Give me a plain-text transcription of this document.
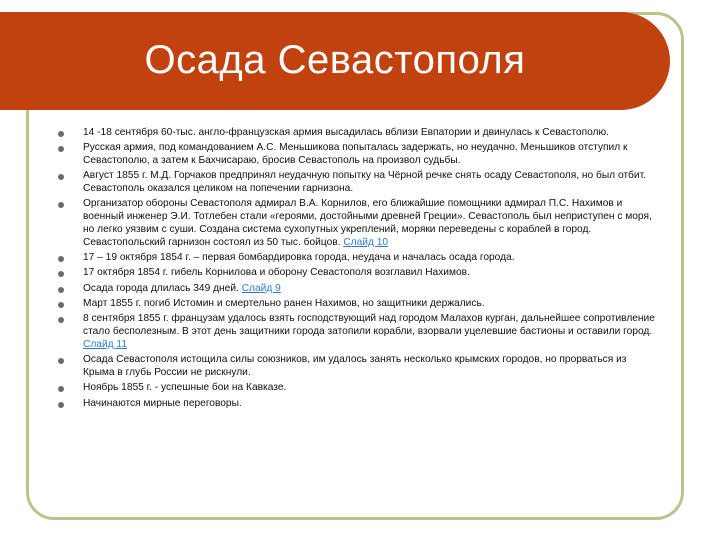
Осада Севастополя
14 -18 сентября 60-тыс. англо-французская армия высадилась вблизи Евпатории и двинулась к Севастополю.
Русская армия, под командованием А.С. Меньшикова попыталась задержать, но неудачно. Меньшиков отступил к Севастополю, а затем к Бахчисараю, бросив Севастополь на произвол судьбы.
Август 1855 г. М.Д. Горчаков предпринял неудачную попытку на Чёрной речке снять осаду Севастополя, но был отбит. Севастополь оказался целиком на попечении гарнизона.
Организатор обороны Севастополя адмирал В.А. Корнилов, его ближайшие помощники адмирал П.С. Нахимов и военный инженер Э.И. Тотлебен стали «героями, достойными древней Греции». Севастополь был неприступен с моря, но легко уязвим с суши. Создана система сухопутных укреплений, моряки переведены с кораблей в город. Севастопольский гарнизон состоял из 50 тыс. бойцов. Слайд 10
17 – 19 октября 1854 г. – первая бомбардировка города, неудача и началась осада города.
17 октября 1854 г. гибель Корнилова и оборону Севастополя возглавил Нахимов.
Осада города длилась 349 дней. Слайд 9
Март 1855 г. погиб Истомин и смертельно ранен Нахимов, но защитники держались.
8 сентября 1855 г. французам удалось взять господствующий над городом Малахов курган, дальнейшее сопротивление стало бесполезным. В этот день защитники города затопили корабли, взорвали уцелевшие бастионы и оставили город. Слайд 11
Осада Севастополя истощила силы союзников, им удалось занять несколько крымских городов, но прорваться из Крыма в глубь России не рискнули.
Ноябрь 1855 г. - успешные бои на Кавказе.
Начинаются мирные переговоры.
